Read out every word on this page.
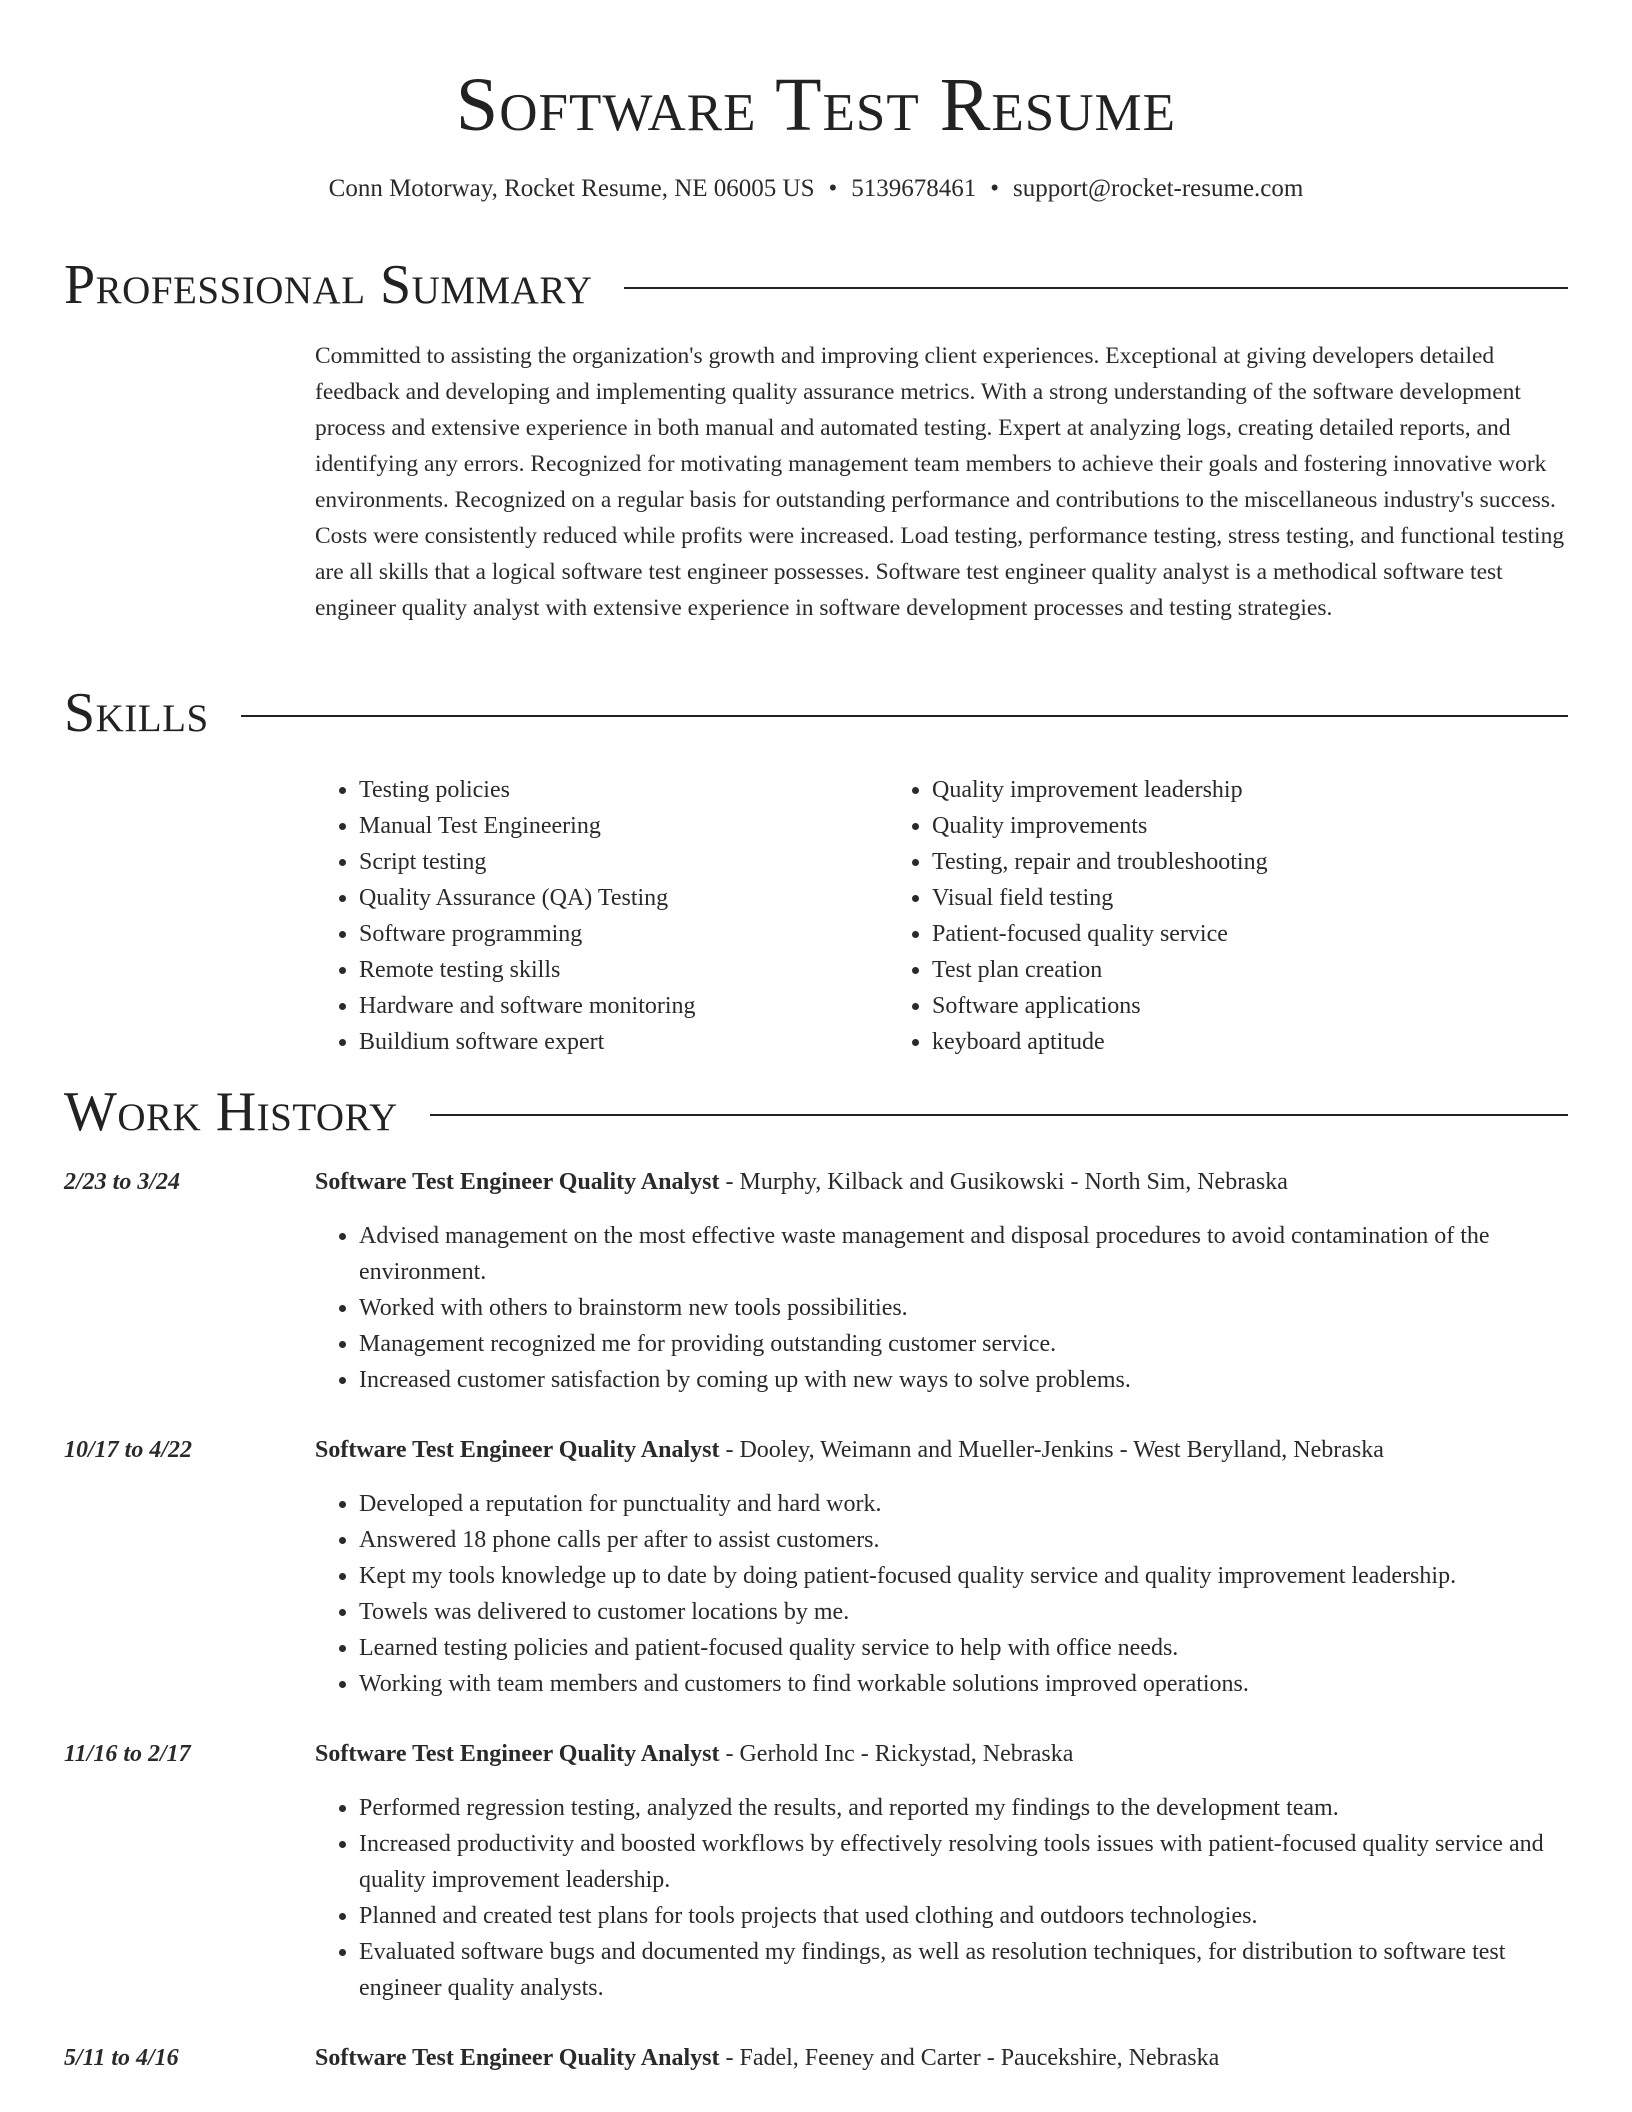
Software Test Resume
Conn Motorway, Rocket Resume, NE 06005 US • 5139678461 • support@rocket-resume.com
Professional Summary

Committed to assisting the organization's growth and improving client experiences. Exceptional at giving developers detailed feedback and developing and implementing quality assurance metrics. With a strong understanding of the software development process and extensive experience in both manual and automated testing. Expert at analyzing logs, creating detailed reports, and identifying any errors. Recognized for motivating management team members to achieve their goals and fostering innovative work environments. Recognized on a regular basis for outstanding performance and contributions to the miscellaneous industry's success. Costs were consistently reduced while profits were increased. Load testing, performance testing, stress testing, and functional testing are all skills that a logical software test engineer possesses. Software test engineer quality analyst is a methodical software test engineer quality analyst with extensive experience in software development processes and testing strategies.

Skills
• Testing policies
• Manual Test Engineering
• Script testing
• Quality Assurance (QA) Testing
• Software programming
• Remote testing skills
• Hardware and software monitoring
• Buildium software expert
• Quality improvement leadership
• Quality improvements
• Testing, repair and troubleshooting
• Visual field testing
• Patient-focused quality service
• Test plan creation
• Software applications
• keyboard aptitude
Work History
2/23 to 3/24	Software Test Engineer Quality Analyst - Murphy, Kilback and Gusikowski - North Sim, Nebraska
• Advised management on the most effective waste management and disposal procedures to avoid contamination of the environment.
• Worked with others to brainstorm new tools possibilities.
• Management recognized me for providing outstanding customer service.
• Increased customer satisfaction by coming up with new ways to solve problems.
10/17 to 4/22	Software Test Engineer Quality Analyst - Dooley, Weimann and Mueller-Jenkins - West Berylland, Nebraska
• Developed a reputation for punctuality and hard work.
• Answered 18 phone calls per after to assist customers.
• Kept my tools knowledge up to date by doing patient-focused quality service and quality improvement leadership.
• Towels was delivered to customer locations by me.
• Learned testing policies and patient-focused quality service to help with office needs.
• Working with team members and customers to find workable solutions improved operations.
11/16 to 2/17	Software Test Engineer Quality Analyst - Gerhold Inc - Rickystad, Nebraska
• Performed regression testing, analyzed the results, and reported my findings to the development team.
• Increased productivity and boosted workflows by effectively resolving tools issues with patient-focused quality service and quality improvement leadership.
• Planned and created test plans for tools projects that used clothing and outdoors technologies.
• Evaluated software bugs and documented my findings, as well as resolution techniques, for distribution to software test engineer quality analysts.
5/11 to 4/16	Software Test Engineer Quality Analyst - Fadel, Feeney and Carter - Paucekshire, Nebraska
